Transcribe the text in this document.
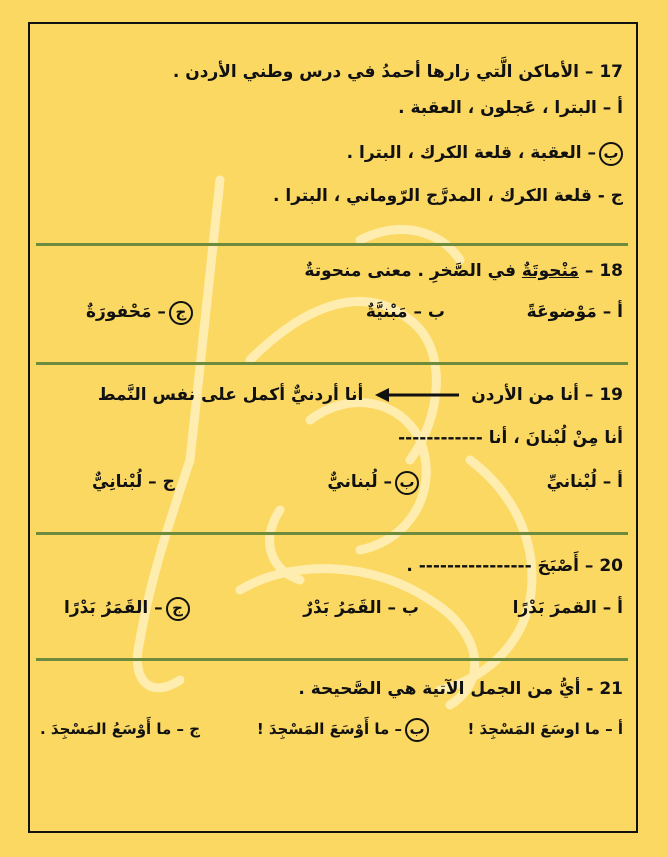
17 – الأماكن الَّتي زارها أحمدُ في درس وطني الأردن .
أ – البترا ، عَجلون ، العقبة .
ب– العقبة ، قلعة الكرك ، البترا .
ج - قلعة الكرك ، المدرَّج الرّوماني ، البترا .
18 – مَنْحوتَةٌ في الصَّخرِ . معنى منحوتةٌ
أ – مَوْضوعَةً
ب – مَبْنيَّةٌ
ج– مَحْفورَةٌ
19 – أنا من الأردن  أنا أردنيٌّ أكمل على نفس النَّمط
أنا مِنْ لُبْنانَ ، أنا ------------
أ – لُبْنانيِّ
ب– لُبنانيٌّ
ج – لُبْنانِيٌّ
20 – أَصْبَحَ ---------------- .
أ – القمرَ بَدْرًا
ب – القَمَرُ بَدْرٌ
ج– القَمَرُ بَدْرًا
21 - أيُّ من الجمل الآتية هي الصَّحيحة .
أ – ما اوسَعَ المَسْجِدَ !
ب– ما أَوْسَعَ المَسْجِدَ !
ج – ما أَوْسَعُ المَسْجِدَ .
